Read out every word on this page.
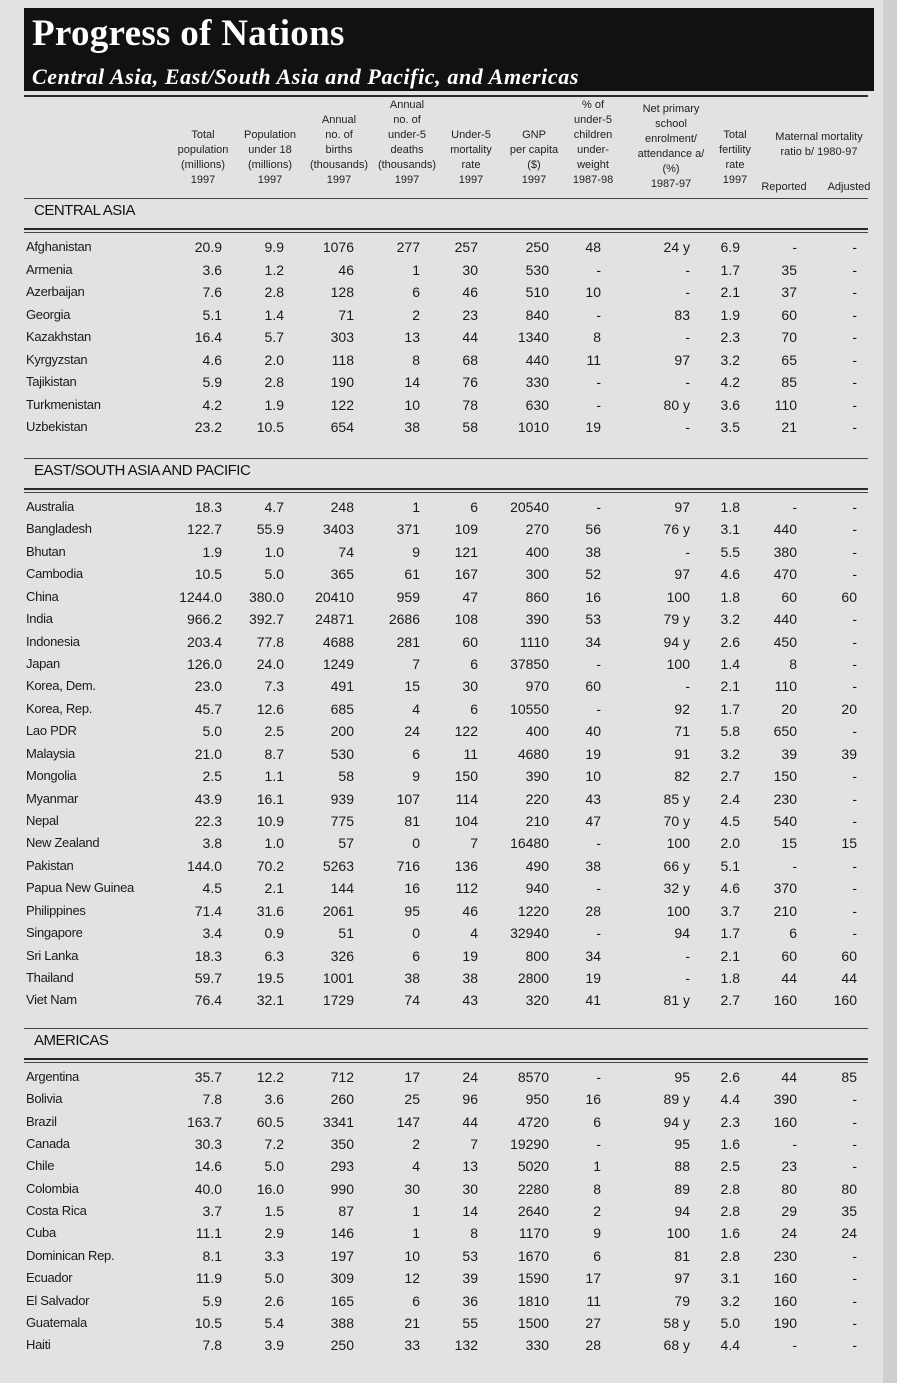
Progress of Nations
Central Asia, East/South Asia and Pacific, and Americas
Total
population
(millions)
1997
Population
under 18
(millions)
1997
Annual
no. of
births
(thousands)
1997
Annual
no. of
under-5
deaths
(thousands)
1997
Under-5
mortality
rate
1997
GNP
per capita
($)
1997
% of
under-5
children
under-
weight
1987-98
Net primary
school
enrolment/
attendance a/
(%)
1987-97
Total
fertility
rate
1997
Maternal mortality
ratio b/ 1980-97
Reported	Adjusted
CENTRAL ASIA
Afghanistan	20.9	9.9	1076	277	257	250	48	24 y	6.9	-	-
Armenia	3.6	1.2	46	1	30	530	-	-	1.7	35	-
Azerbaijan	7.6	2.8	128	6	46	510	10	-	2.1	37	-
Georgia	5.1	1.4	71	2	23	840	-	83	1.9	60	-
Kazakhstan	16.4	5.7	303	13	44	1340	8	-	2.3	70	-
Kyrgyzstan	4.6	2.0	118	8	68	440	11	97	3.2	65	-
Tajikistan	5.9	2.8	190	14	76	330	-	-	4.2	85	-
Turkmenistan	4.2	1.9	122	10	78	630	-	80 y	3.6	110	-
Uzbekistan	23.2	10.5	654	38	58	1010	19	-	3.5	21	-
EAST/SOUTH ASIA AND PACIFIC
Australia	18.3	4.7	248	1	6	20540	-	97	1.8	-	-
Bangladesh	122.7	55.9	3403	371	109	270	56	76 y	3.1	440	-
Bhutan	1.9	1.0	74	9	121	400	38	-	5.5	380	-
Cambodia	10.5	5.0	365	61	167	300	52	97	4.6	470	-
China	1244.0	380.0	20410	959	47	860	16	100	1.8	60	60
India	966.2	392.7	24871	2686	108	390	53	79 y	3.2	440	-
Indonesia	203.4	77.8	4688	281	60	1110	34	94 y	2.6	450	-
Japan	126.0	24.0	1249	7	6	37850	-	100	1.4	8	-
Korea, Dem.	23.0	7.3	491	15	30	970	60	-	2.1	110	-
Korea, Rep.	45.7	12.6	685	4	6	10550	-	92	1.7	20	20
Lao PDR	5.0	2.5	200	24	122	400	40	71	5.8	650	-
Malaysia	21.0	8.7	530	6	11	4680	19	91	3.2	39	39
Mongolia	2.5	1.1	58	9	150	390	10	82	2.7	150	-
Myanmar	43.9	16.1	939	107	114	220	43	85 y	2.4	230	-
Nepal	22.3	10.9	775	81	104	210	47	70 y	4.5	540	-
New Zealand	3.8	1.0	57	0	7	16480	-	100	2.0	15	15
Pakistan	144.0	70.2	5263	716	136	490	38	66 y	5.1	-	-
Papua New Guinea	4.5	2.1	144	16	112	940	-	32 y	4.6	370	-
Philippines	71.4	31.6	2061	95	46	1220	28	100	3.7	210	-
Singapore	3.4	0.9	51	0	4	32940	-	94	1.7	6	-
Sri Lanka	18.3	6.3	326	6	19	800	34	-	2.1	60	60
Thailand	59.7	19.5	1001	38	38	2800	19	-	1.8	44	44
Viet Nam	76.4	32.1	1729	74	43	320	41	81 y	2.7	160	160
AMERICAS
Argentina	35.7	12.2	712	17	24	8570	-	95	2.6	44	85
Bolivia	7.8	3.6	260	25	96	950	16	89 y	4.4	390	-
Brazil	163.7	60.5	3341	147	44	4720	6	94 y	2.3	160	-
Canada	30.3	7.2	350	2	7	19290	-	95	1.6	-	-
Chile	14.6	5.0	293	4	13	5020	1	88	2.5	23	-
Colombia	40.0	16.0	990	30	30	2280	8	89	2.8	80	80
Costa Rica	3.7	1.5	87	1	14	2640	2	94	2.8	29	35
Cuba	11.1	2.9	146	1	8	1170	9	100	1.6	24	24
Dominican Rep.	8.1	3.3	197	10	53	1670	6	81	2.8	230	-
Ecuador	11.9	5.0	309	12	39	1590	17	97	3.1	160	-
El Salvador	5.9	2.6	165	6	36	1810	11	79	3.2	160	-
Guatemala	10.5	5.4	388	21	55	1500	27	58 y	5.0	190	-
Haiti	7.8	3.9	250	33	132	330	28	68 y	4.4	-	-
